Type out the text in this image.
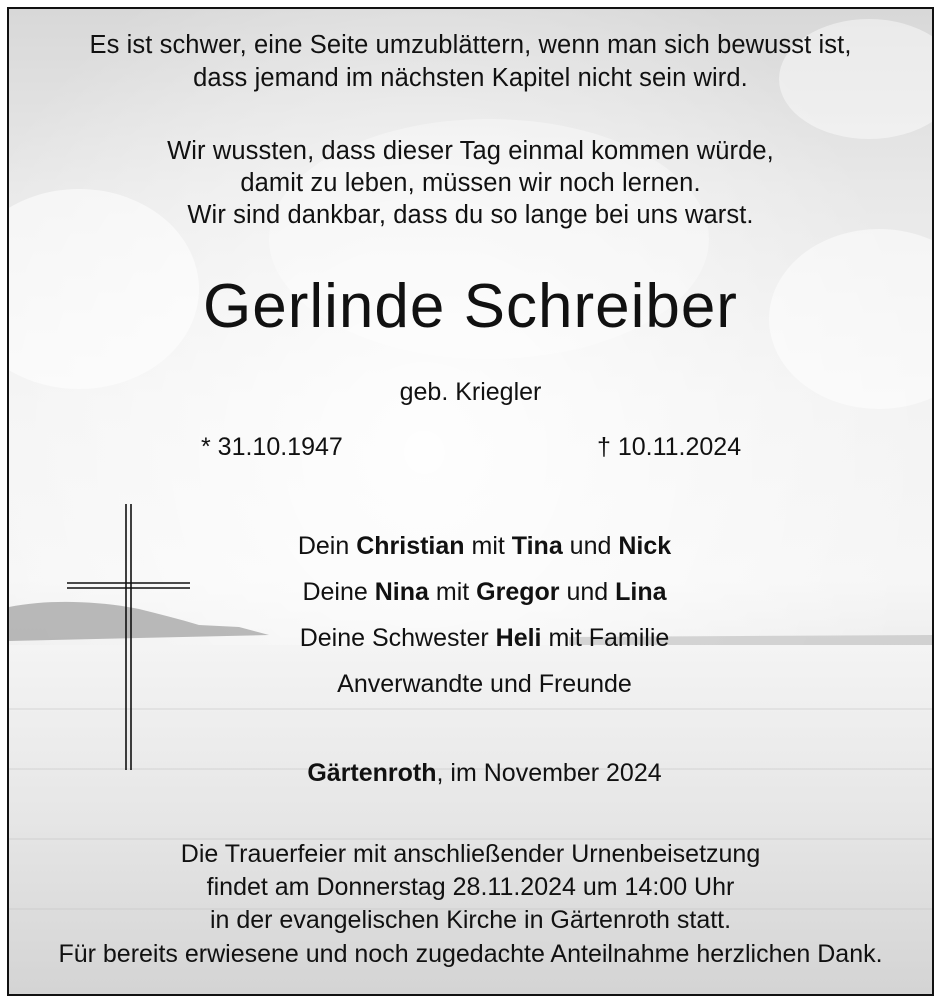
Es ist schwer, eine Seite umzublättern, wenn man sich bewusst ist,
dass jemand im nächsten Kapitel nicht sein wird.
Wir wussten, dass dieser Tag einmal kommen würde,
damit zu leben, müssen wir noch lernen.
Wir sind dankbar, dass du so lange bei uns warst.
Gerlinde Schreiber
geb. Kriegler
* 31.10.1947	† 10.11.2024
Dein Christian mit Tina und Nick
Deine Nina mit Gregor und Lina
Deine Schwester Heli mit Familie
Anverwandte und Freunde
Gärtenroth, im November 2024
Die Trauerfeier mit anschließender Urnenbeisetzung
findet am Donnerstag 28.11.2024 um 14:00 Uhr
in der evangelischen Kirche in Gärtenroth statt.
Für bereits erwiesene und noch zugedachte Anteilnahme herzlichen Dank.
